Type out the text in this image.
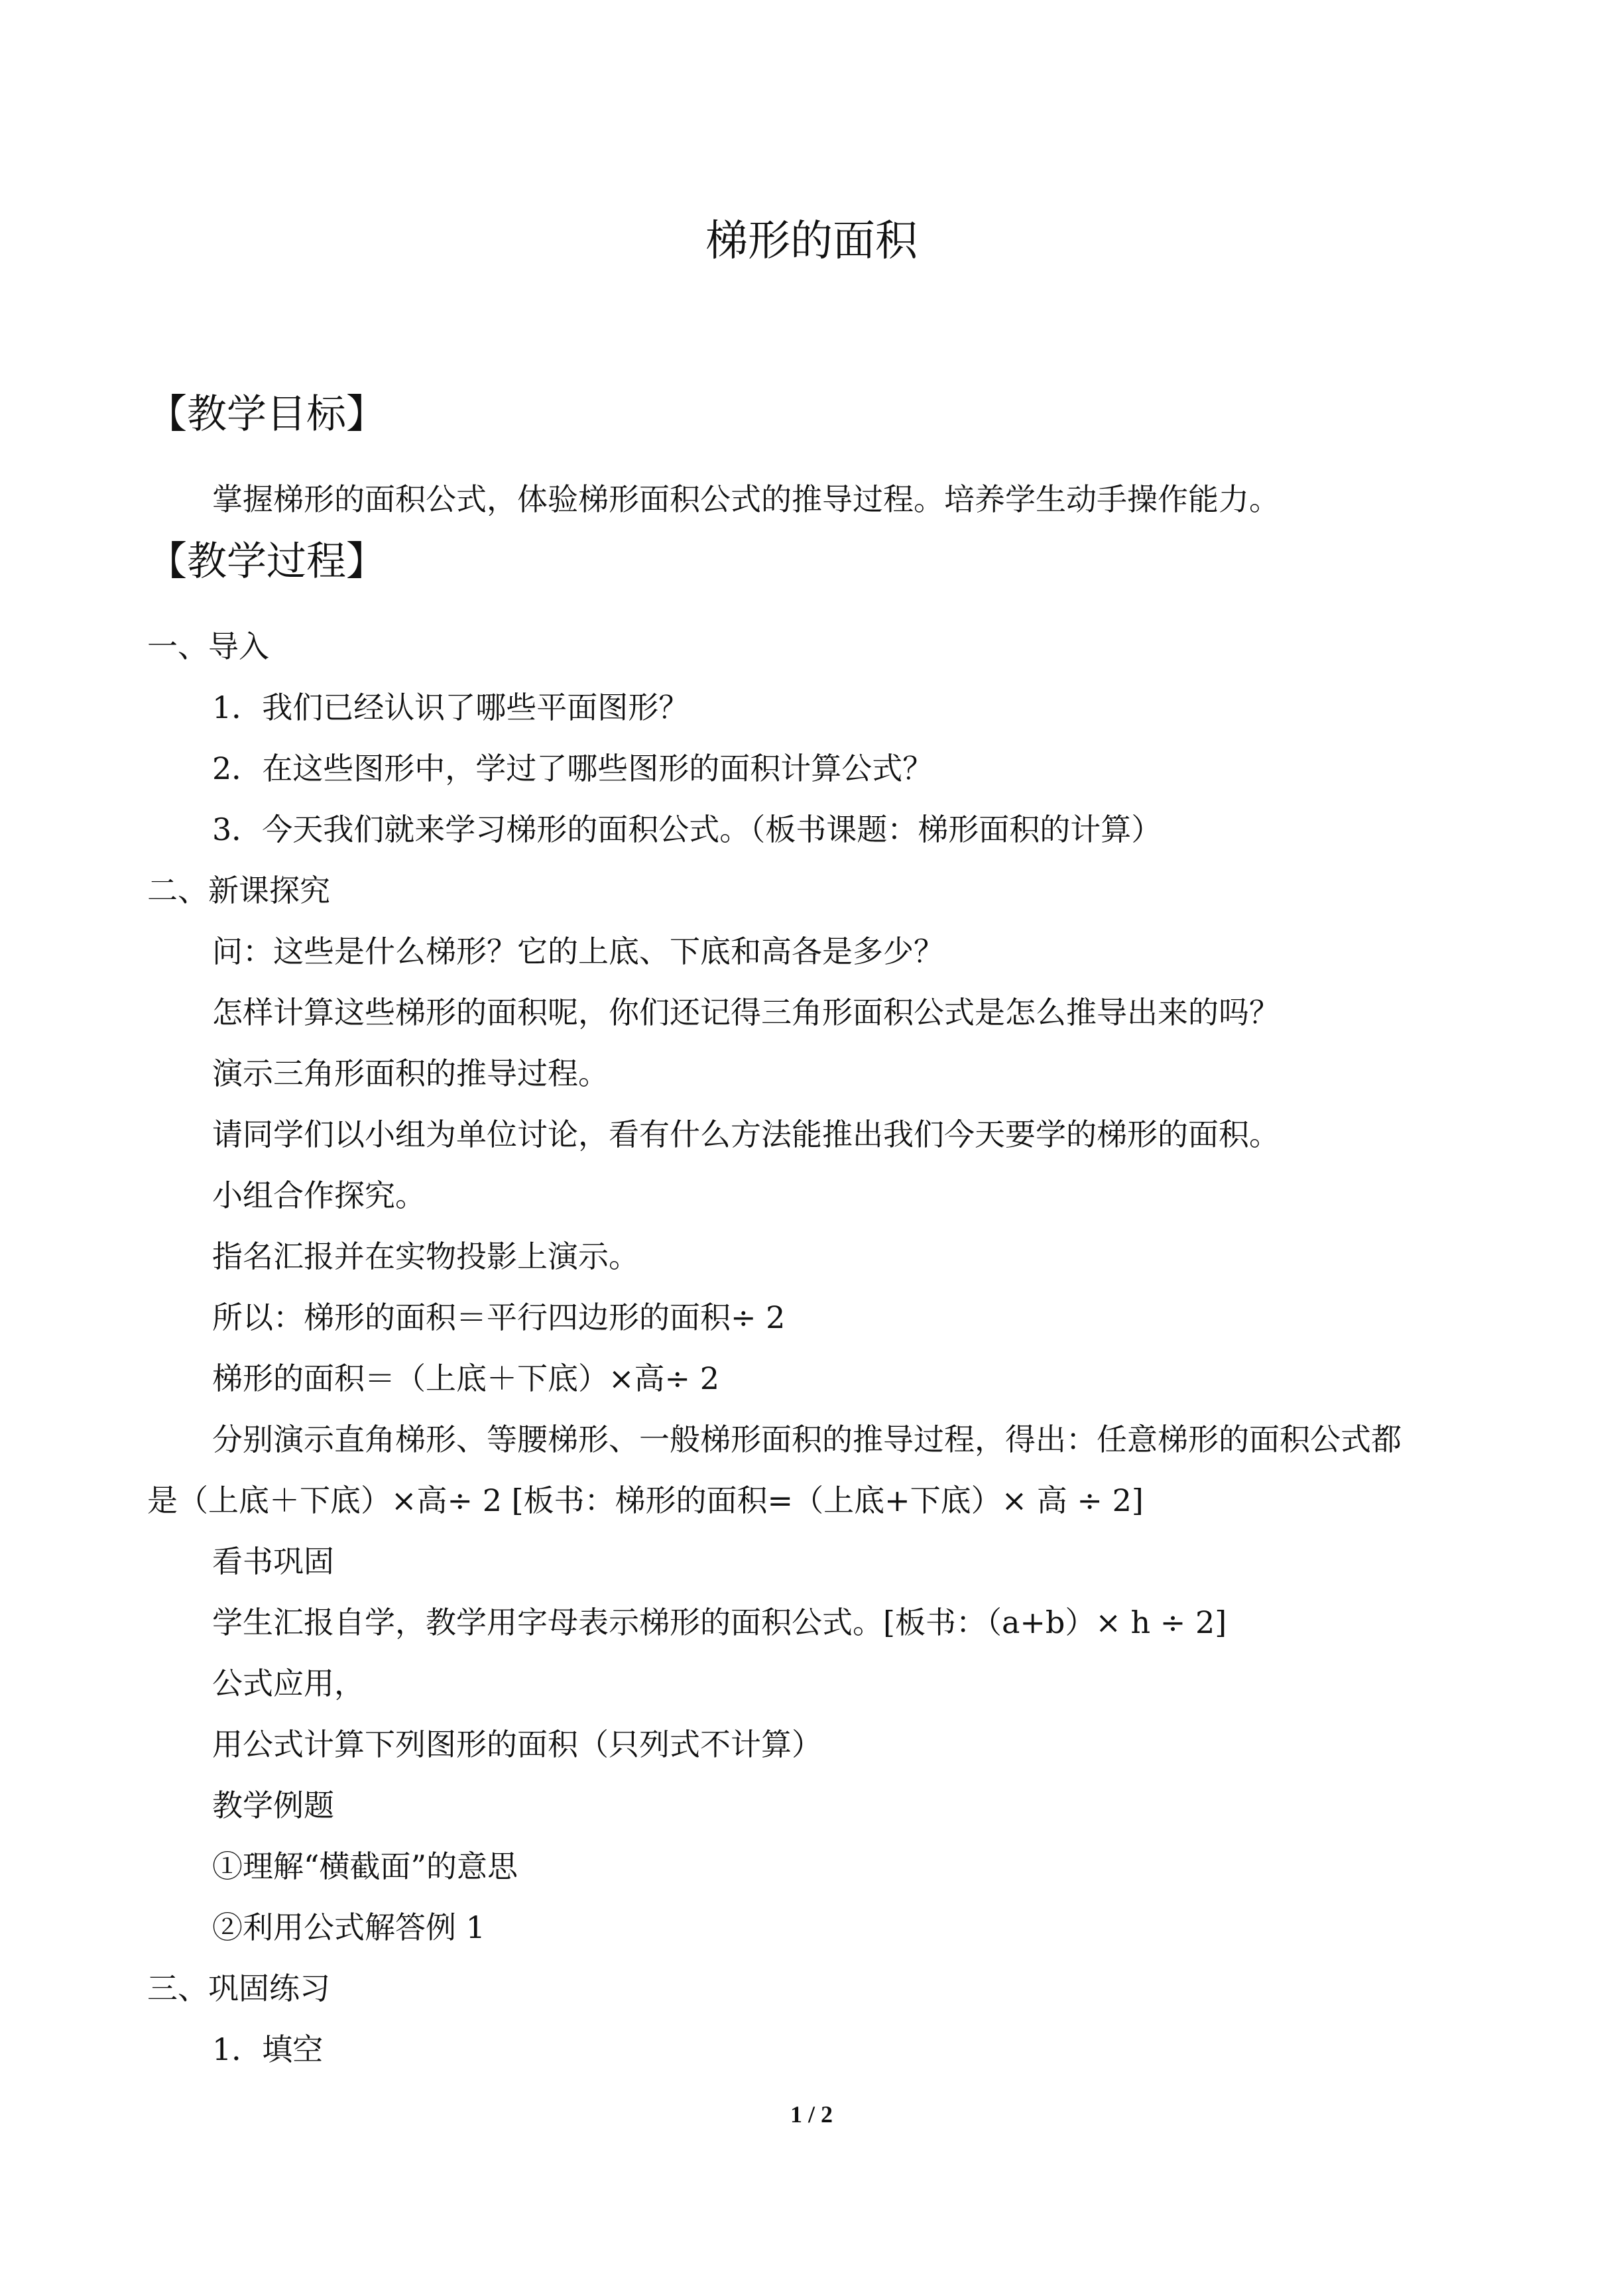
梯形的面积
【教学目标】
掌握梯形的面积公式，体验梯形面积公式的推导过程。培养学生动手操作能力。
【教学过程】
一、导入
1．我们已经认识了哪些平面图形？
2．在这些图形中，学过了哪些图形的面积计算公式？
3．今天我们就来学习梯形的面积公式。（板书课题：梯形面积的计算）
二、新课探究
问：这些是什么梯形？它的上底、下底和高各是多少？
怎样计算这些梯形的面积呢，你们还记得三角形面积公式是怎么推导出来的吗？
演示三角形面积的推导过程。
请同学们以小组为单位讨论，看有什么方法能推出我们今天要学的梯形的面积。
小组合作探究。
指名汇报并在实物投影上演示。
所以：梯形的面积＝平行四边形的面积÷ 2
梯形的面积＝（上底＋下底）×高÷ 2
分别演示直角梯形、等腰梯形、一般梯形面积的推导过程，得出：任意梯形的面积公式都
是（上底＋下底）×高÷ 2 [板书：梯形的面积=（上底+下底）× 高 ÷ 2]
看书巩固
学生汇报自学，教学用字母表示梯形的面积公式。[板书：（a+b）× h ÷ 2]
公式应用，
用公式计算下列图形的面积（只列式不计算）
教学例题
①理解“横截面”的意思
②利用公式解答例 1
三、巩固练习
1．填空
1 / 2
